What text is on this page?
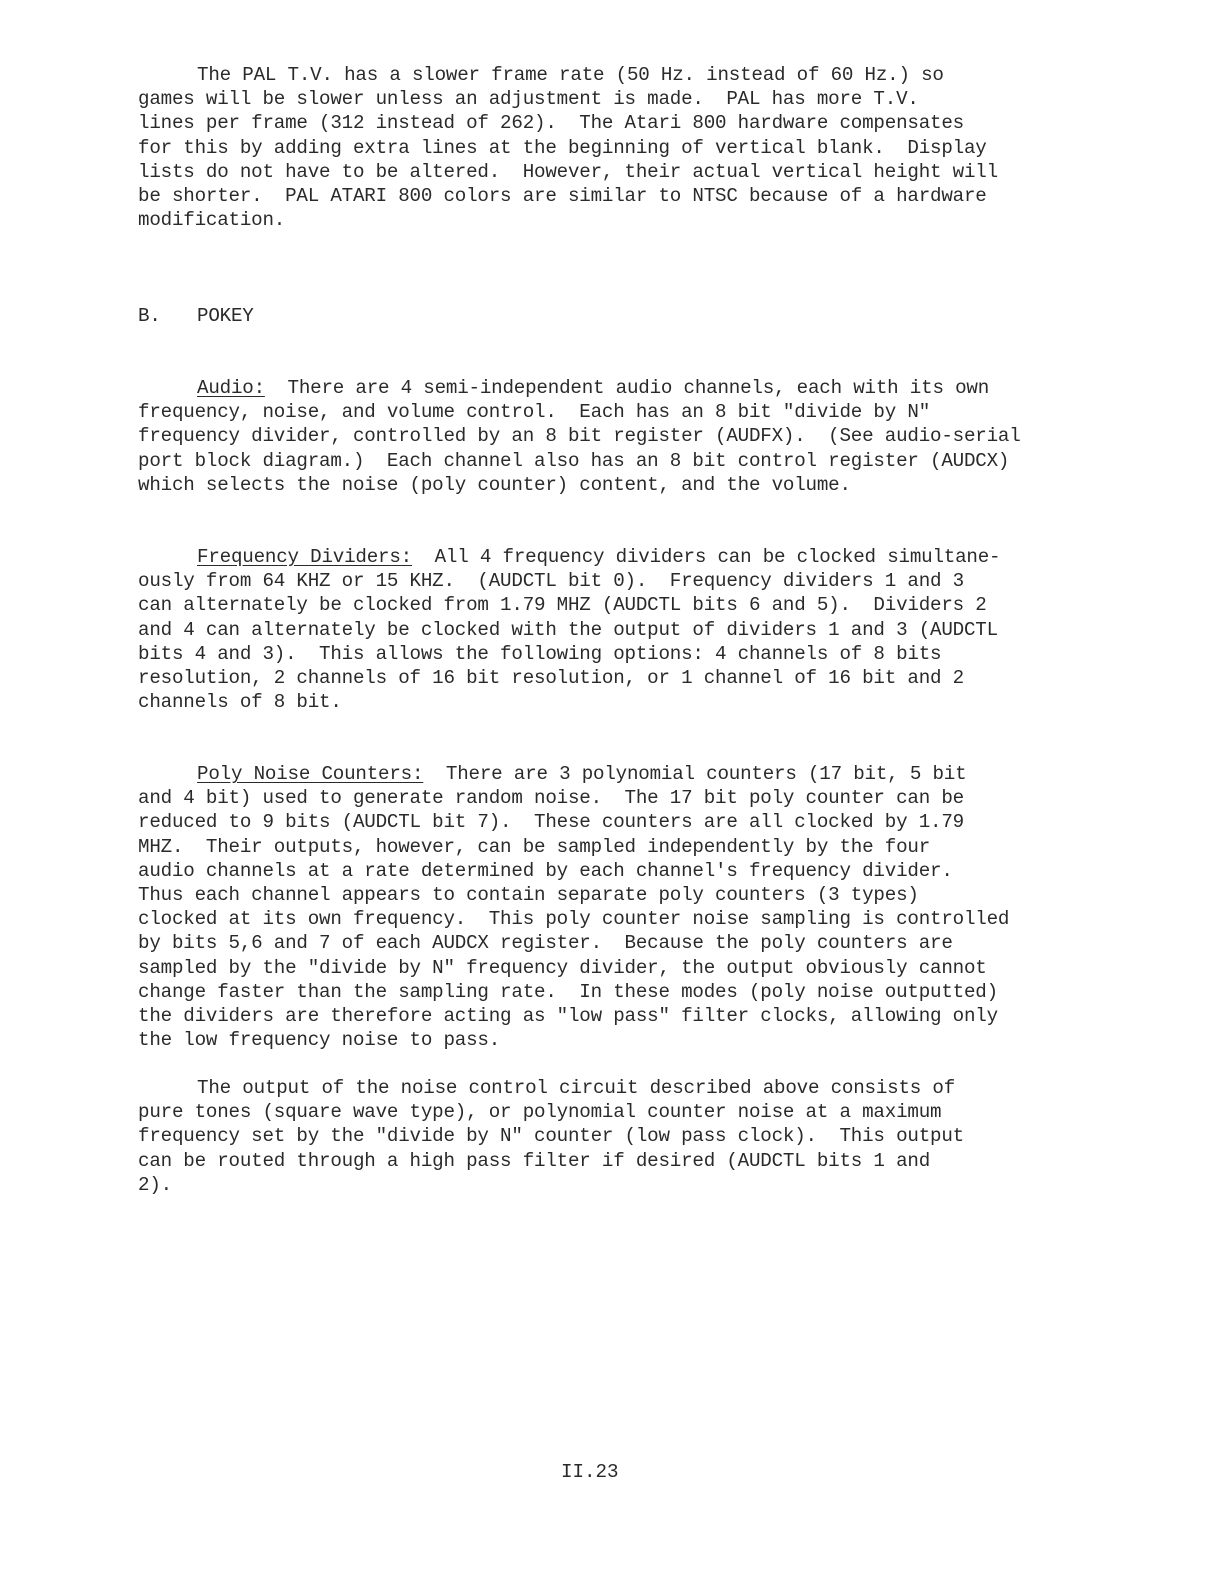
The PAL T.V. has a slower frame rate (50 Hz. instead of 60 Hz.) so
games will be slower unless an adjustment is made.  PAL has more T.V.
lines per frame (312 instead of 262).  The Atari 800 hardware compensates
for this by adding extra lines at the beginning of vertical blank.  Display
lists do not have to be altered.  However, their actual vertical height will
be shorter.  PAL ATARI 800 colors are similar to NTSC because of a hardware
modification.
B. POKEY
Audio:  There are 4 semi-independent audio channels, each with its own
frequency, noise, and volume control.  Each has an 8 bit "divide by N"
frequency divider, controlled by an 8 bit register (AUDFX).  (See audio-serial
port block diagram.)  Each channel also has an 8 bit control register (AUDCX)
which selects the noise (poly counter) content, and the volume.
Frequency Dividers:  All 4 frequency dividers can be clocked simultane-
ously from 64 KHZ or 15 KHZ.  (AUDCTL bit 0).  Frequency dividers 1 and 3
can alternately be clocked from 1.79 MHZ (AUDCTL bits 6 and 5).  Dividers 2
and 4 can alternately be clocked with the output of dividers 1 and 3 (AUDCTL
bits 4 and 3).  This allows the following options: 4 channels of 8 bits
resolution, 2 channels of 16 bit resolution, or 1 channel of 16 bit and 2
channels of 8 bit.
Poly Noise Counters:  There are 3 polynomial counters (17 bit, 5 bit
and 4 bit) used to generate random noise.  The 17 bit poly counter can be
reduced to 9 bits (AUDCTL bit 7).  These counters are all clocked by 1.79
MHZ.  Their outputs, however, can be sampled independently by the four
audio channels at a rate determined by each channel's frequency divider.
Thus each channel appears to contain separate poly counters (3 types)
clocked at its own frequency.  This poly counter noise sampling is controlled
by bits 5,6 and 7 of each AUDCX register.  Because the poly counters are
sampled by the "divide by N" frequency divider, the output obviously cannot
change faster than the sampling rate.  In these modes (poly noise outputted)
the dividers are therefore acting as "low pass" filter clocks, allowing only
the low frequency noise to pass.
The output of the noise control circuit described above consists of
pure tones (square wave type), or polynomial counter noise at a maximum
frequency set by the "divide by N" counter (low pass clock).  This output
can be routed through a high pass filter if desired (AUDCTL bits 1 and
2).
II.23
